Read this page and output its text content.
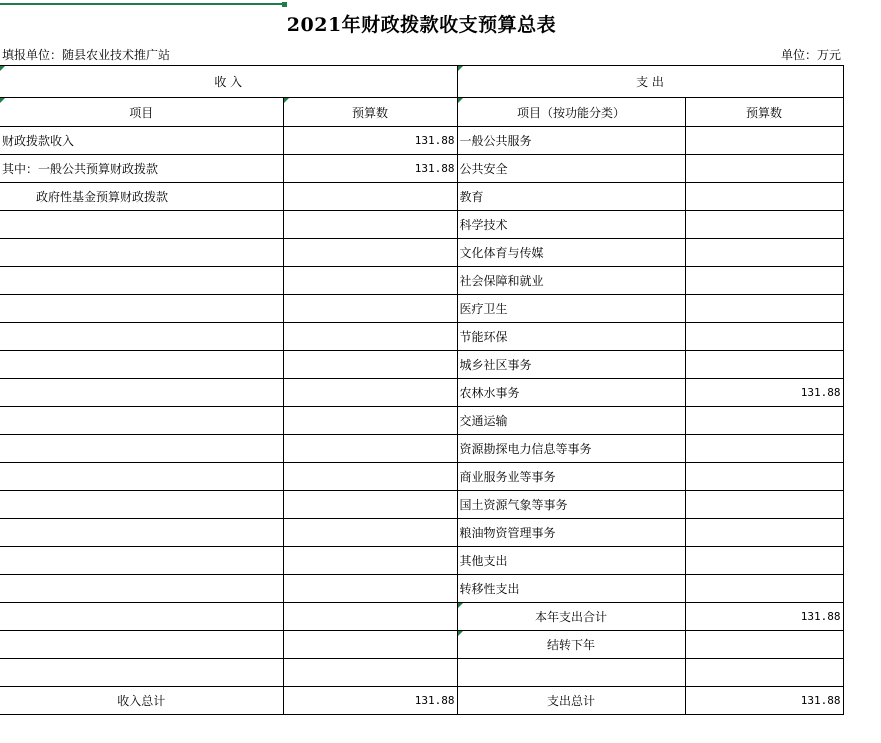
2021年财政拨款收支预算总表
填报单位：随县农业技术推广站	单位：万元
收 入		支 出	
项目	预算数	项目（按功能分类）	预算数
财政拨款收入	131.88	一般公共服务	
其中：一般公共预算财政拨款	131.88	公共安全	
政府性基金预算财政拨款		教育	
		科学技术	
		文化体育与传媒	
		社会保障和就业	
		医疗卫生	
		节能环保	
		城乡社区事务	
		农林水事务	131.88
		交通运输	
		资源勘探电力信息等事务	
		商业服务业等事务	
		国土资源气象等事务	
		粮油物资管理事务	
		其他支出	
		转移性支出	
		本年支出合计	131.88
		结转下年	

收入总计	131.88	支出总计	131.88
